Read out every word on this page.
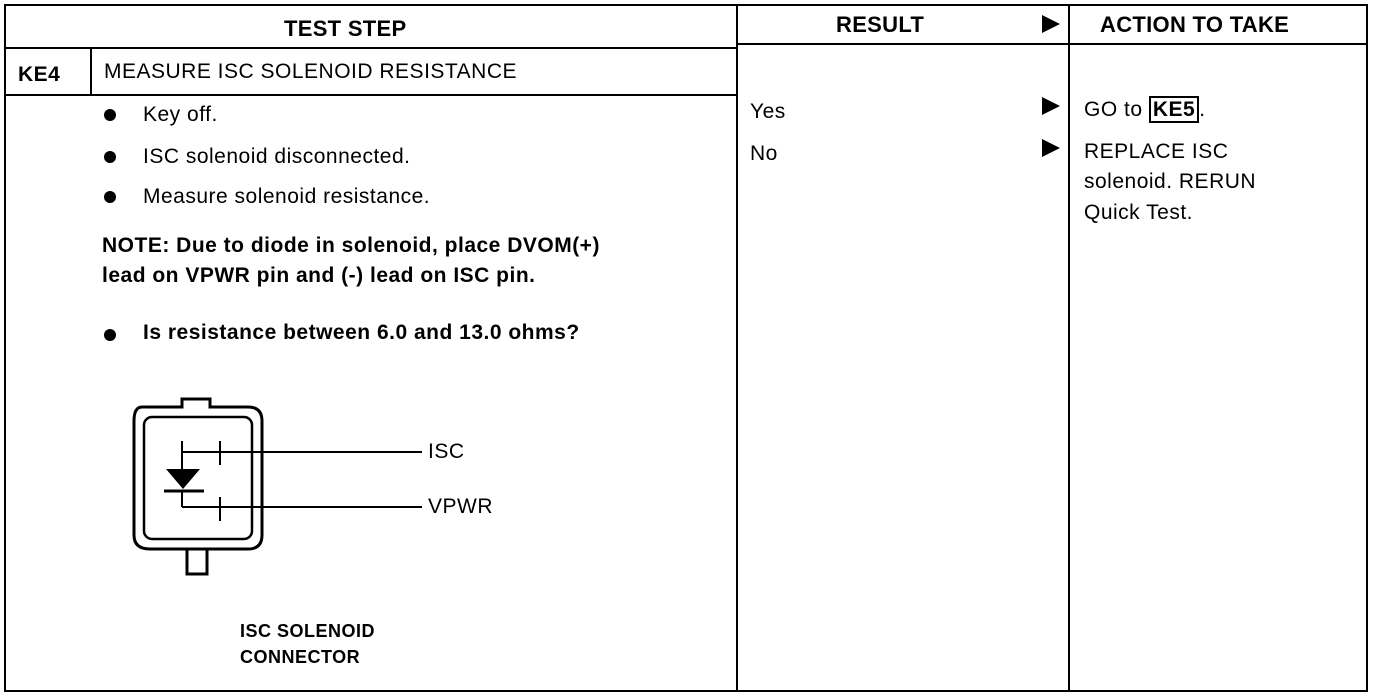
TEST STEP	RESULT	ACTION TO TAKE
KE4 MEASURE ISC SOLENOID RESISTANCE
Key off.
ISC solenoid disconnected.
Measure solenoid resistance.
NOTE: Due to diode in solenoid, place DVOM(+)
lead on VPWR pin and (-) lead on ISC pin.
Is resistance between 6.0 and 13.0 ohms?
ISC
VPWR
ISC SOLENOID
CONNECTOR
Yes
No
GO to KE5 .
REPLACE ISC
solenoid. RERUN
Quick Test.
